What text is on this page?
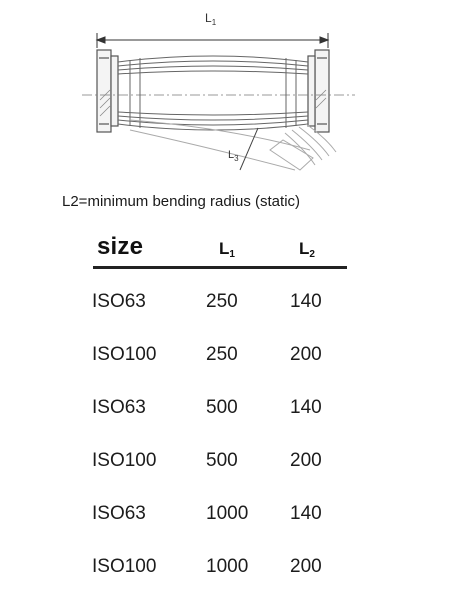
$L_1$
$L_3$
L2=minimum bending radius (static)
size	$L_1$	$L_2$
ISO63	250	140
ISO100	250	200
ISO63	500	140
ISO100	500	200
ISO63	1000 140
ISO100	1000 200
